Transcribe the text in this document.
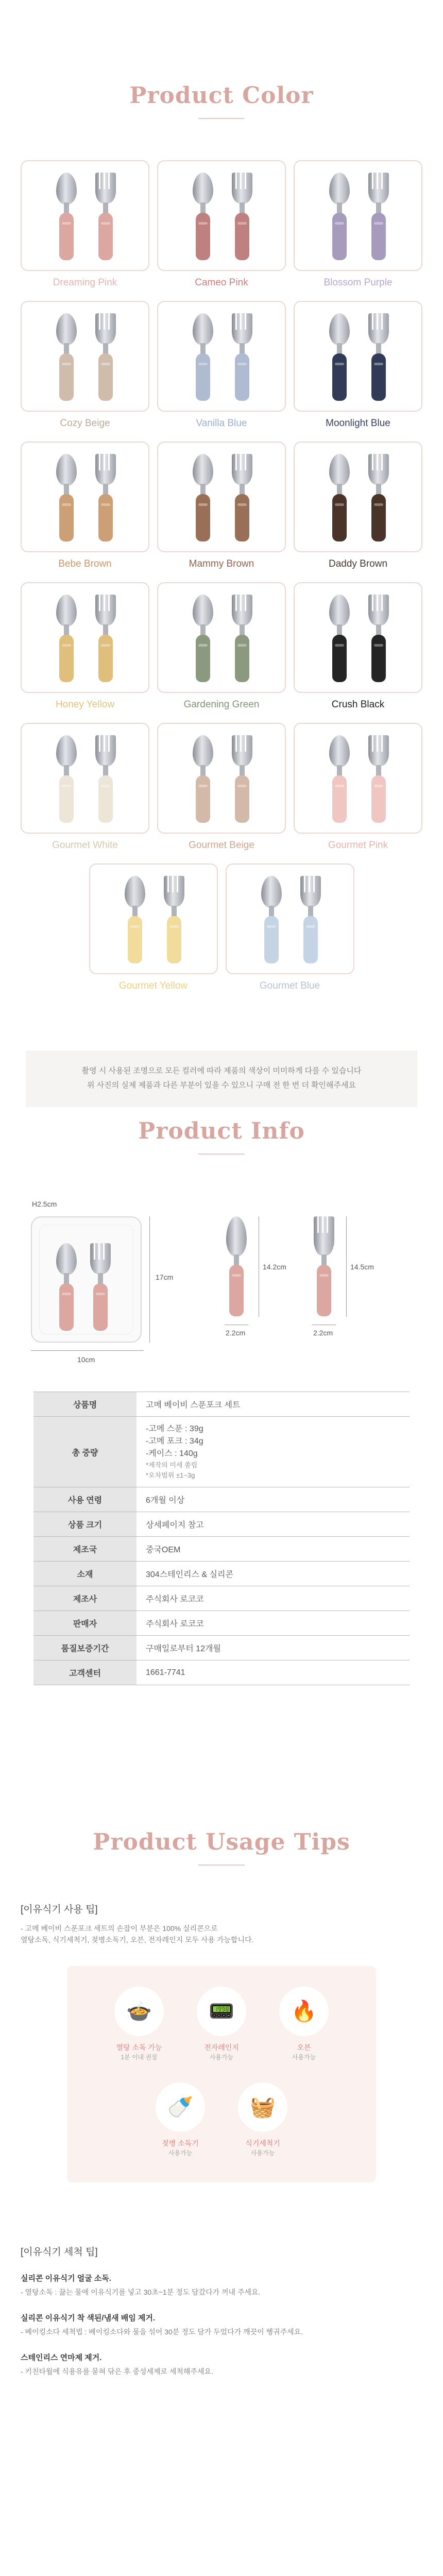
Product Color
Dreaming Pink	Cameo Pink	Blossom Purple
Cozy Beige	Vanilla Blue	Moonlight Blue
Bebe Brown	Mammy Brown	Daddy Brown
Honey Yellow	Gardening Green	Crush Black
Gourmet White	Gourmet Beige	Gourmet Pink
Gourmet Yellow	Gourmet Blue
촬영 시 사용된 조명으로 모든 컬러에 따라 제품의 색상이 미미하게 다를 수 있습니다
위 사진의 실제 제품과 다른 부분이 있을 수 있으니 구매 전 한 번 더 확인해주세요
Product Info
H2.5cm
10cm
17cm
14.2cm
2.2cm
14.5cm
2.2cm
상품명	고메 베이비 스푼포크 세트
총 중량	-고메 스푼 : 39g
-고메 포크 : 34g
-케이스 : 140g
*제작의 미세 쏠림
*오차범위 ±1~3g

사용 연령	6개월 이상
상품 크기	상세페이지 참고
제조국	중국OEM
소재	304스테인리스 & 실리콘
제조사	주식회사 로코코
판매자	주식회사 로코코
품질보증기간	구매일로부터 12개월
고객센터	1661-7741
Product Usage Tips
[이유식기 사용 팁]
- 고메 베이비 스푼포크 세트의 손잡이 부분은 100% 실리콘으로
열탕소독, 식기세척기, 젖병소독기, 오븐, 전자레인지 모두 사용 가능합니다.
🍲
열탕 소독 가능
1분 이내 권장
📟
전자레인지
사용가능
🔥
오븐
사용가능
🍼
젖병 소독기
사용가능
🧺
식기세척기
사용가능
[이유식기 세척 팁]
실리콘 이유식기 얼굴 소독.
- 열탕소독 : 끓는 물에 이유식기를 넣고 30초~1분 정도 담갔다가 꺼내 주세요.
실리콘 이유식기 착 색된/냄새 배임 제거.
- 베이킹소다 세척법 : 베이킹소다와 물을 섞어 30분 정도 담가 두었다가 깨끗이 헹궈주세요.
스테인리스 연마제 제거.
- 키친타월에 식용유를 묻혀 닦은 후 중성세제로 세척해주세요.
